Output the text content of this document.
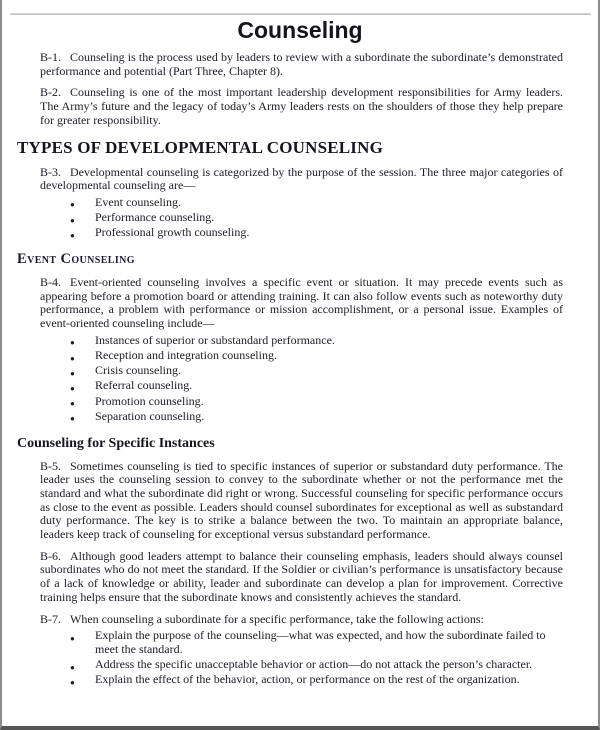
Counseling

B-1. Counseling is the process used by leaders to review with a subordinate the subordinate’s demonstrated performance and potential (Part Three, Chapter 8).

B-2. Counseling is one of the most important leadership development responsibilities for Army leaders. The Army’s future and the legacy of today’s Army leaders rests on the shoulders of those they help prepare for greater responsibility.

TYPES OF DEVELOPMENTAL COUNSELING

B-3. Developmental counseling is categorized by the purpose of the session. The three major categories of developmental counseling are—

● Event counseling.
● Performance counseling.
● Professional growth counseling.
Event Counseling

B-4. Event-oriented counseling involves a specific event or situation. It may precede events such as appearing before a promotion board or attending training. It can also follow events such as noteworthy duty performance, a problem with performance or mission accomplishment, or a personal issue. Examples of event-oriented counseling include—

● Instances of superior or substandard performance.
● Reception and integration counseling.
● Crisis counseling.
● Referral counseling.
● Promotion counseling.
● Separation counseling.
Counseling for Specific Instances

B-5. Sometimes counseling is tied to specific instances of superior or substandard duty performance. The leader uses the counseling session to convey to the subordinate whether or not the performance met the standard and what the subordinate did right or wrong. Successful counseling for specific performance occurs as close to the event as possible. Leaders should counsel subordinates for exceptional as well as substandard duty performance. The key is to strike a balance between the two. To maintain an appropriate balance, leaders keep track of counseling for exceptional versus substandard performance.

B-6. Although good leaders attempt to balance their counseling emphasis, leaders should always counsel subordinates who do not meet the standard. If the Soldier or civilian’s performance is unsatisfactory because of a lack of knowledge or ability, leader and subordinate can develop a plan for improvement. Corrective training helps ensure that the subordinate knows and consistently achieves the standard.

B-7. When counseling a subordinate for a specific performance, take the following actions:

● Explain the purpose of the counseling—what was expected, and how the subordinate failed to meet the standard.
● Address the specific unacceptable behavior or action—do not attack the person’s character.
● Explain the effect of the behavior, action, or performance on the rest of the organization.
